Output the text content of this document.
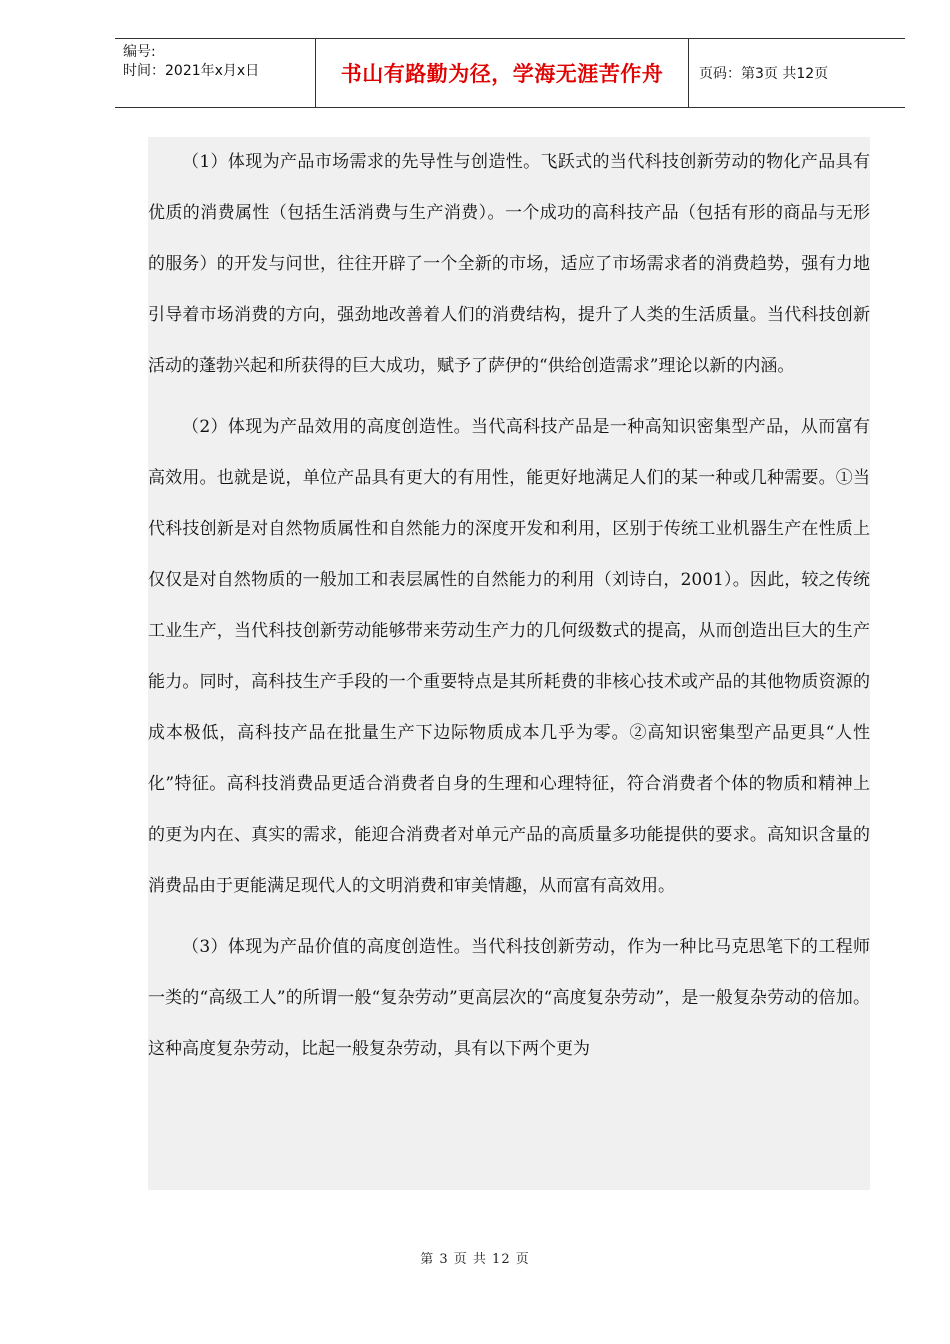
编号:
时间：2021年x月x日	书山有路勤为径，学海无涯苦作舟	页码：第3页 共12页

（1）体现为产品市场需求的先导性与创造性。飞跃式的当代科技创新劳动的物化产品具有优质的消费属性（包括生活消费与生产消费）。一个成功的高科技产品（包括有形的商品与无形的服务）的开发与问世，往往开辟了一个全新的市场，适应了市场需求者的消费趋势，强有力地引导着市场消费的方向，强劲地改善着人们的消费结构，提升了人类的生活质量。当代科技创新活动的蓬勃兴起和所获得的巨大成功，赋予了萨伊的“供给创造需求”理论以新的内涵。

（2）体现为产品效用的高度创造性。当代高科技产品是一种高知识密集型产品，从而富有高效用。也就是说，单位产品具有更大的有用性，能更好地满足人们的某一种或几种需要。①当代科技创新是对自然物质属性和自然能力的深度开发和利用，区别于传统工业机器生产在性质上仅仅是对自然物质的一般加工和表层属性的自然能力的利用（刘诗白，2001）。因此，较之传统工业生产，当代科技创新劳动能够带来劳动生产力的几何级数式的提高，从而创造出巨大的生产能力。同时，高科技生产手段的一个重要特点是其所耗费的非核心技术或产品的其他物质资源的成本极低，高科技产品在批量生产下边际物质成本几乎为零。②高知识密集型产品更具“人性化”特征。高科技消费品更适合消费者自身的生理和心理特征，符合消费者个体的物质和精神上的更为内在、真实的需求，能迎合消费者对单元产品的高质量多功能提供的要求。高知识含量的消费品由于更能满足现代人的文明消费和审美情趣，从而富有高效用。

（3）体现为产品价值的高度创造性。当代科技创新劳动，作为一种比马克思笔下的工程师一类的“高级工人”的所谓一般“复杂劳动”更高层次的“高度复杂劳动”，是一般复杂劳动的倍加。这种高度复杂劳动，比起一般复杂劳动，具有以下两个更为

第 3 页 共 12 页
